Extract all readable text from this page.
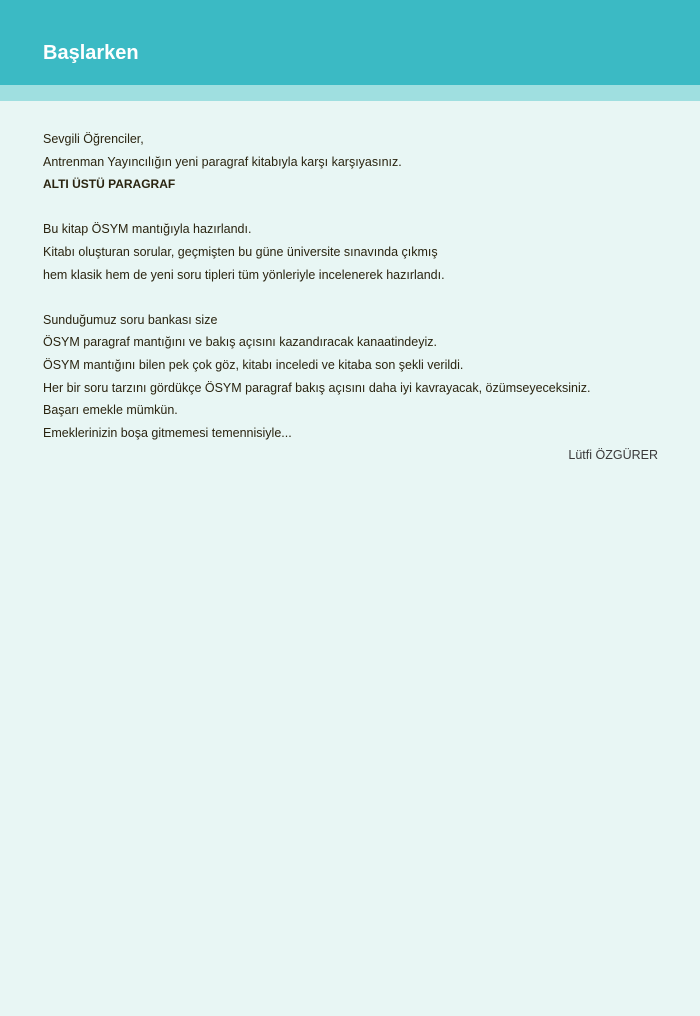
Başlarken
Sevgili Öğrenciler,
Antrenman Yayıncılığın yeni paragraf kitabıyla karşı karşıyasınız.
ALTI ÜSTÜ PARAGRAF
Bu kitap ÖSYM mantığıyla hazırlandı.
Kitabı oluşturan sorular, geçmişten bu güne üniversite sınavında çıkmış
hem klasik hem de yeni soru tipleri tüm yönleriyle incelenerek hazırlandı.
Sunduğumuz soru bankası size
ÖSYM paragraf mantığını ve bakış açısını kazandıracak kanaatindeyiz.
ÖSYM mantığını bilen pek çok göz, kitabı inceledi ve kitaba son şekli verildi.
Her bir soru tarzını gördükçe ÖSYM paragraf bakış açısını daha iyi kavrayacak, özümseyeceksiniz.
Başarı emekle mümkün.
Emeklerinizin boşa gitmemesi temennisiyle...
Lütfi ÖZGÜRER
